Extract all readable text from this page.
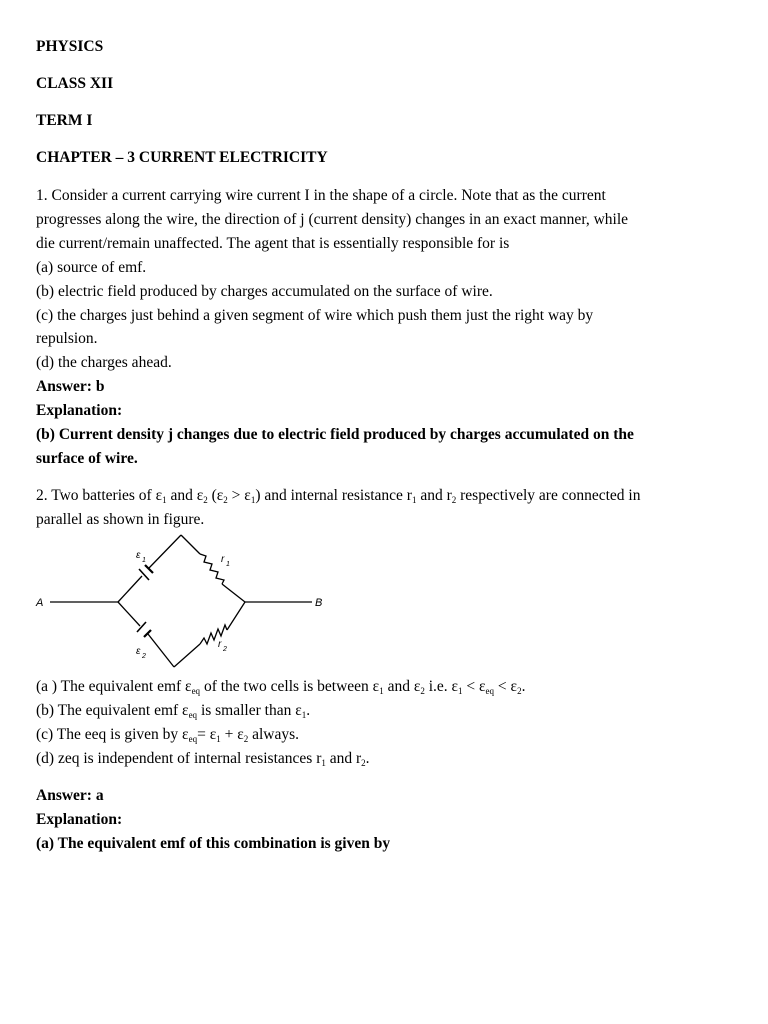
PHYSICS
CLASS XII
TERM I
CHAPTER – 3 CURRENT ELECTRICITY
1. Consider a current carrying wire current I in the shape of a circle. Note that as the current
progresses along the wire, the direction of j (current density) changes in an exact manner, while
die current/remain unaffected. The agent that is essentially responsible for is
(a) source of emf.
(b) electric field produced by charges accumulated on the surface of wire.
(c) the charges just behind a given segment of wire which push them just the right way by
repulsion.
(d) the charges ahead.
Answer: b
Explanation:
(b) Current density j changes due to electric field produced by charges accumulated on the
surface of wire.
2. Two batteries of $\varepsilon_1$ and $\varepsilon_2$ $(\varepsilon_2 > \varepsilon_1)$ and internal resistance $r_1$ and $r_2$ respectively are connected in
parallel as shown in figure.
A	B
ε 1
ε 2
r 1
r 2
(a ) The equivalent emf $\varepsilon_{eq}$ of the two cells is between $\varepsilon_1$ and $\varepsilon_2$ i.e. $\varepsilon_1 < \varepsilon_{eq} < \varepsilon_2$.
(b) The equivalent emf $\varepsilon_{eq}$ is smaller than $\varepsilon_1$.
(c) The eeq is given by $\varepsilon_{eq}= \varepsilon_1 + \varepsilon_2$ always.
(d) zeq is independent of internal resistances $r_1$ and $r_2$.
Answer: a
Explanation:
(a) The equivalent emf of this combination is given by
